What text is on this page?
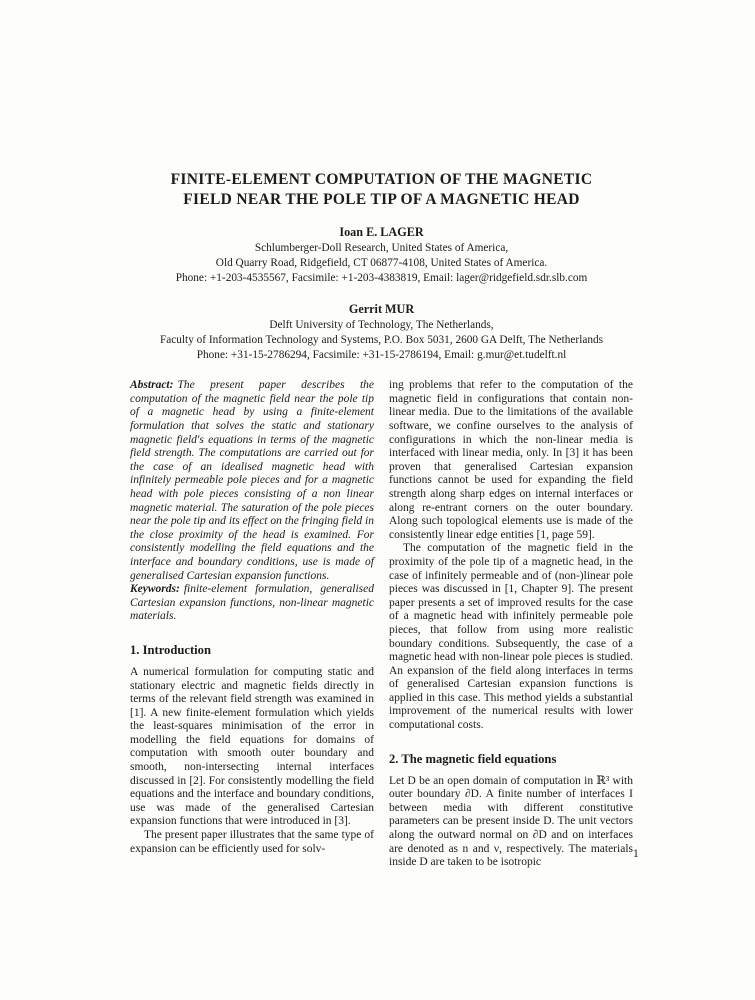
FINITE-ELEMENT COMPUTATION OF THE MAGNETIC
FIELD NEAR THE POLE TIP OF A MAGNETIC HEAD
Ioan E. LAGER
Schlumberger-Doll Research, United States of America,
Old Quarry Road, Ridgefield, CT 06877-4108, United States of America.
Phone: +1-203-4535567, Facsimile: +1-203-4383819, Email: lager@ridgefield.sdr.slb.com
Gerrit MUR
Delft University of Technology, The Netherlands,
Faculty of Information Technology and Systems, P.O. Box 5031, 2600 GA Delft, The Netherlands
Phone: +31-15-2786294, Facsimile: +31-15-2786194, Email: g.mur@et.tudelft.nl

Abstract: The present paper describes the computation of the magnetic field near the pole tip of a magnetic head by using a finite-element formulation that solves the static and stationary magnetic field's equations in terms of the magnetic field strength. The computations are carried out for the case of an idealised magnetic head with infinitely permeable pole pieces and for a magnetic head with pole pieces consisting of a non linear magnetic material. The saturation of the pole pieces near the pole tip and its effect on the fringing field in the close proximity of the head is examined. For consistently modelling the field equations and the interface and boundary conditions, use is made of generalised Cartesian expansion functions.

Keywords: finite-element formulation, generalised Cartesian expansion functions, non-linear magnetic materials.

1. Introduction

A numerical formulation for computing static and stationary electric and magnetic fields directly in terms of the relevant field strength was examined in [1]. A new finite-element formulation which yields the least-squares minimisation of the error in modelling the field equations for domains of computation with smooth outer boundary and smooth, non-intersecting internal interfaces discussed in [2]. For consistently modelling the field equations and the interface and boundary conditions, use was made of the generalised Cartesian expansion functions that were introduced in [3].

The present paper illustrates that the same type of expansion can be efficiently used for solv-

ing problems that refer to the computation of the magnetic field in configurations that contain non-linear media. Due to the limitations of the available software, we confine ourselves to the analysis of configurations in which the non-linear media is interfaced with linear media, only. In [3] it has been proven that generalised Cartesian expansion functions cannot be used for expanding the field strength along sharp edges on internal interfaces or along re-entrant corners on the outer boundary. Along such topological elements use is made of the consistently linear edge entities [1, page 59].

The computation of the magnetic field in the proximity of the pole tip of a magnetic head, in the case of infinitely permeable and of (non-)linear pole pieces was discussed in [1, Chapter 9]. The present paper presents a set of improved results for the case of a magnetic head with infinitely permeable pole pieces, that follow from using more realistic boundary conditions. Subsequently, the case of a magnetic head with non-linear pole pieces is studied. An expansion of the field along interfaces in terms of generalised Cartesian expansion functions is applied in this case. This method yields a substantial improvement of the numerical results with lower computational costs.

2. The magnetic field equations

Let D be an open domain of computation in ℝ³ with outer boundary ∂D. A finite number of interfaces I between media with different constitutive parameters can be present inside D. The unit vectors along the outward normal on ∂D and on interfaces are denoted as n and ν, respectively. The materials inside D are taken to be isotropic

1
